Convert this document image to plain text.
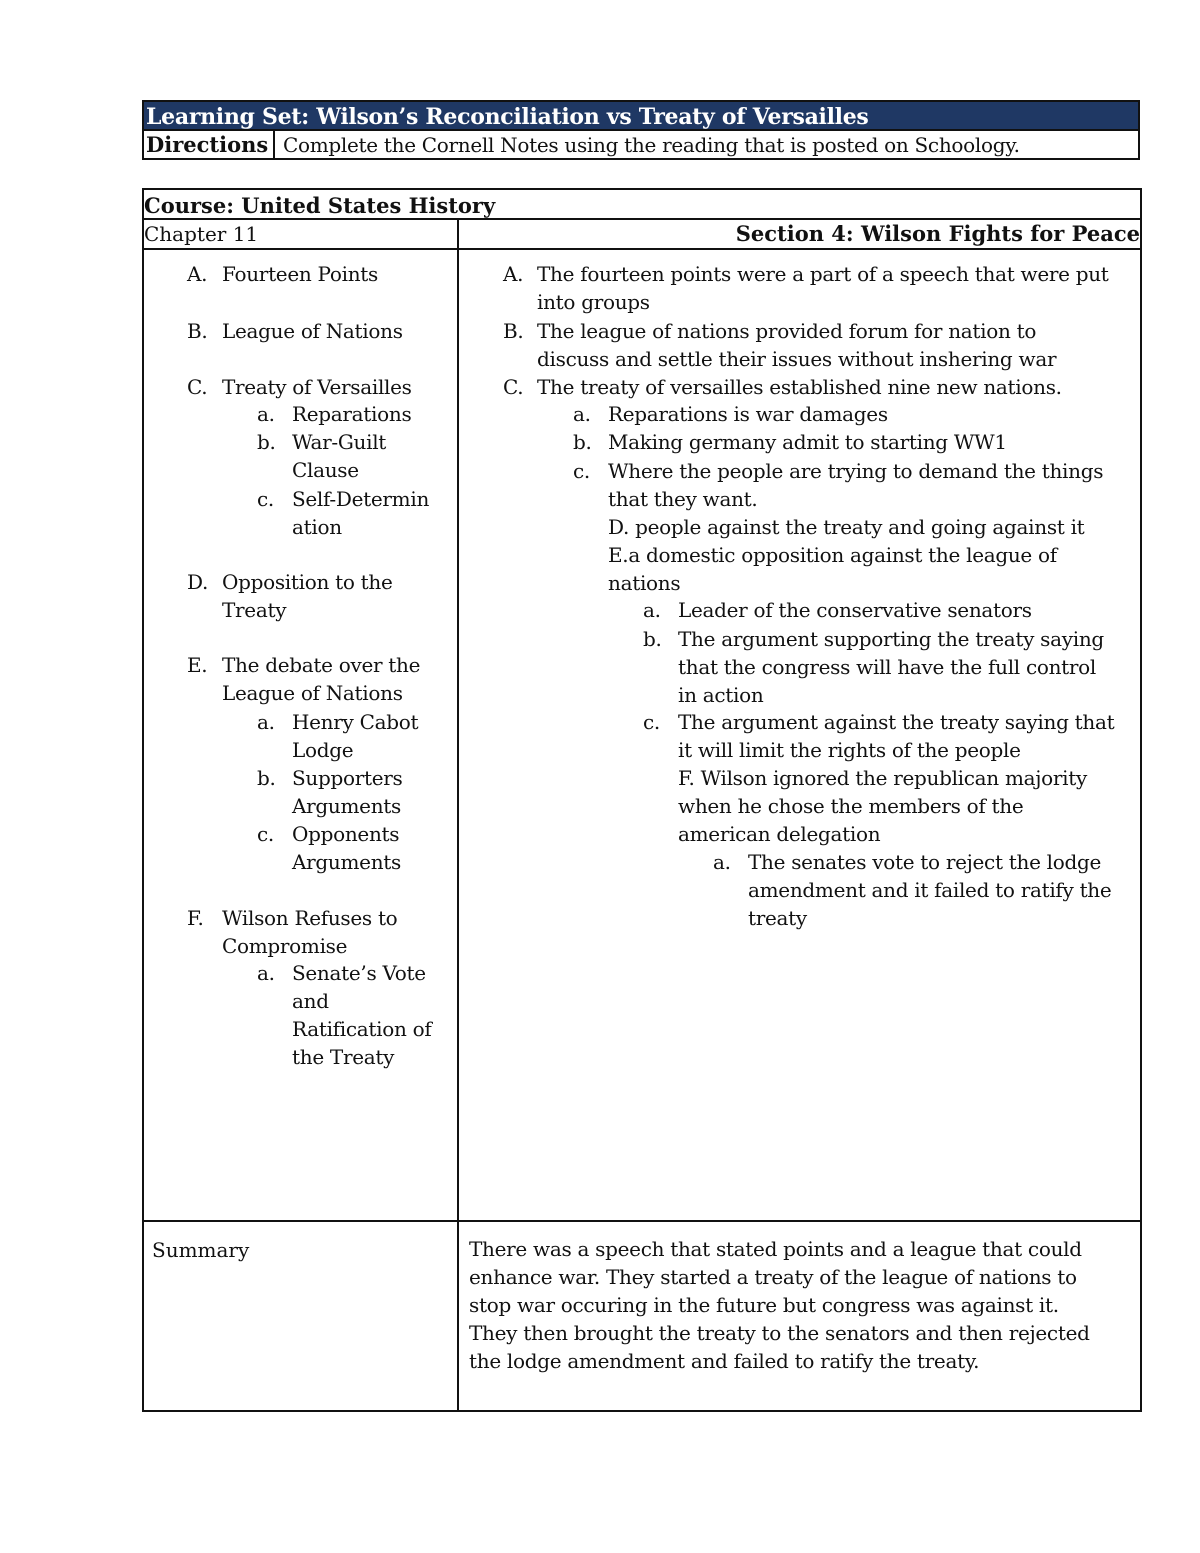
Learning Set: Wilson’s Reconciliation vs Treaty of Versailles
Directions Complete the Cornell Notes using the reading that is posted on Schoology.
Course: United States History
Chapter 11	Section 4: Wilson Fights for Peace
Summary	There was a speech that stated points and a league that could
enhance war. They started a treaty of the league of nations to
stop war occuring in the future but congress was against it.
They then brought the treaty to the senators and then rejected
the lodge amendment and failed to ratify the treaty.
A. Fourteen Points
B. League of Nations
C. Treaty of Versailles
a. Reparations
b. War-Guilt
Clause
c. Self-Determin
ation
D. Opposition to the
Treaty
E. The debate over the
League of Nations
a. Henry Cabot
Lodge
b. Supporters
Arguments
c. Opponents
Arguments
F. Wilson Refuses to
Compromise
a. Senate’s Vote
and
Ratification of
the Treaty
A. The fourteen points were a part of a speech that were put
into groups
B. The league of nations provided forum for nation to
discuss and settle their issues without inshering war
C. The treaty of versailles established nine new nations.
a. Reparations is war damages
b. Making germany admit to starting WW1
c. Where the people are trying to demand the things
that they want.
D. people against the treaty and going against it
E.a domestic opposition against the league of
nations
a. Leader of the conservative senators
b. The argument supporting the treaty saying
that the congress will have the full control
in action
c. The argument against the treaty saying that
it will limit the rights of the people
F. Wilson ignored the republican majority
when he chose the members of the
american delegation
a. The senates vote to reject the lodge
amendment and it failed to ratify the
treaty
